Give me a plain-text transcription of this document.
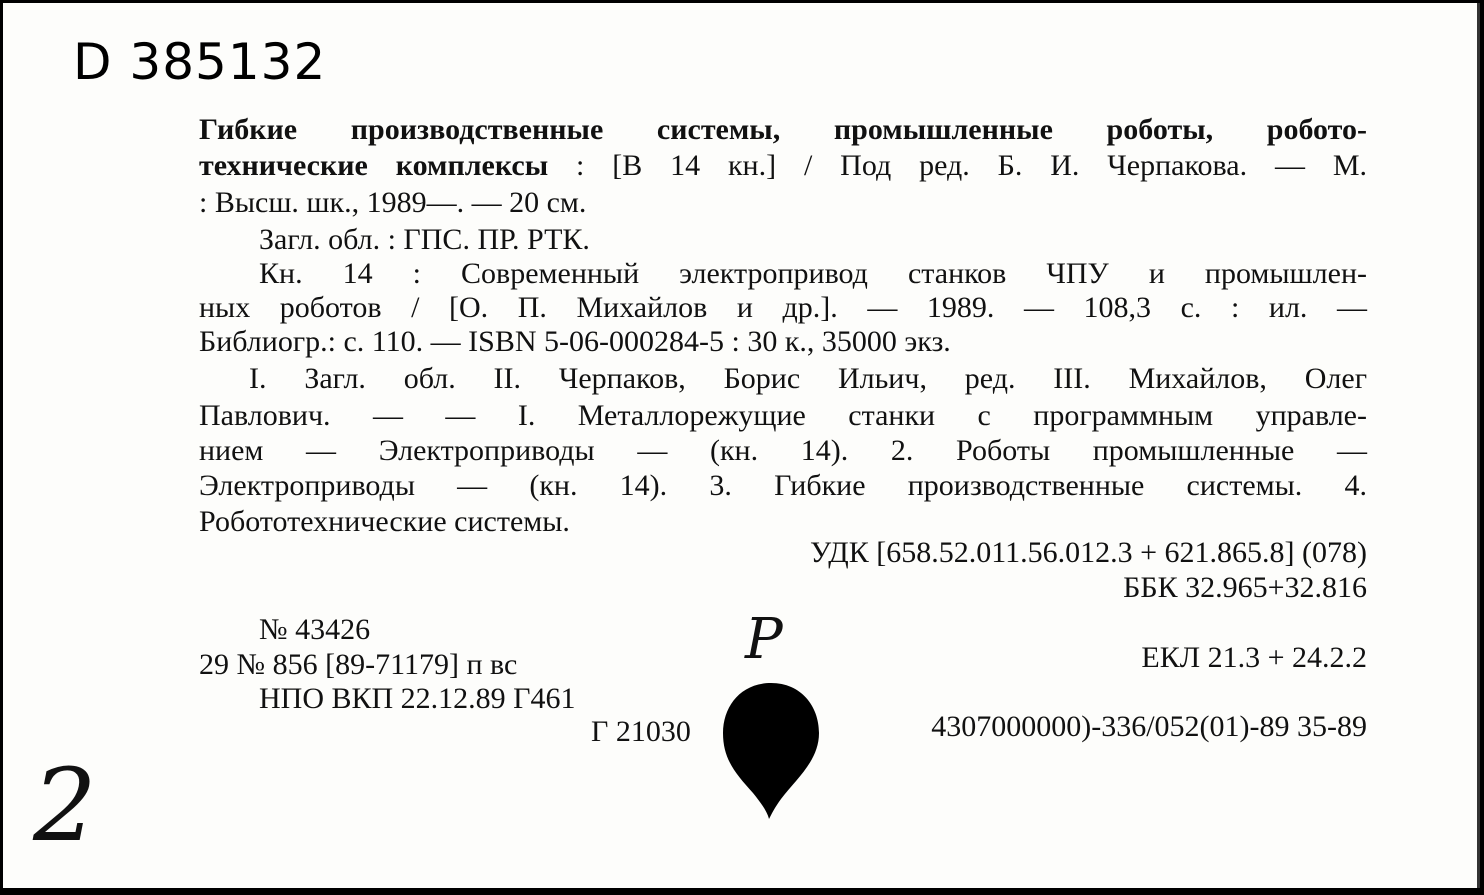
D 385132
Гибкие производственные системы, промышленные роботы, робото-
технические комплексы : [В 14 кн.] / Под ред. Б. И. Черпакова. — М.
: Высш. шк., 1989—. — 20 см.
Загл. обл. : ГПС. ПР. РТК.
Кн. 14 : Современный электропривод станков ЧПУ и промышлен-
ных роботов / [О. П. Михайлов и др.]. — 1989. — 108,3 с. : ил. —
Библиогр.: с. 110. — ISBN 5-06-000284-5 : 30 к., 35000 экз.
I. Загл. обл. II. Черпаков, Борис Ильич, ред. III. Михайлов, Олег
Павлович. — — I. Металлорежущие станки с программным управле-
нием — Электроприводы — (кн. 14). 2. Роботы промышленные —
Электроприводы — (кн. 14). 3. Гибкие производственные системы. 4.
Робототехнические системы.
УДК [658.52.011.56.012.3 + 621.865.8] (078)
ББК 32.965+32.816
№ 43426
29 № 856 [89-71179] п вс	ЕКЛ 21.3 + 24.2.2
НПО ВКП 22.12.89 Г461
Г 21030	4307000000)-336/052(01)-89 35-89
Р
2
